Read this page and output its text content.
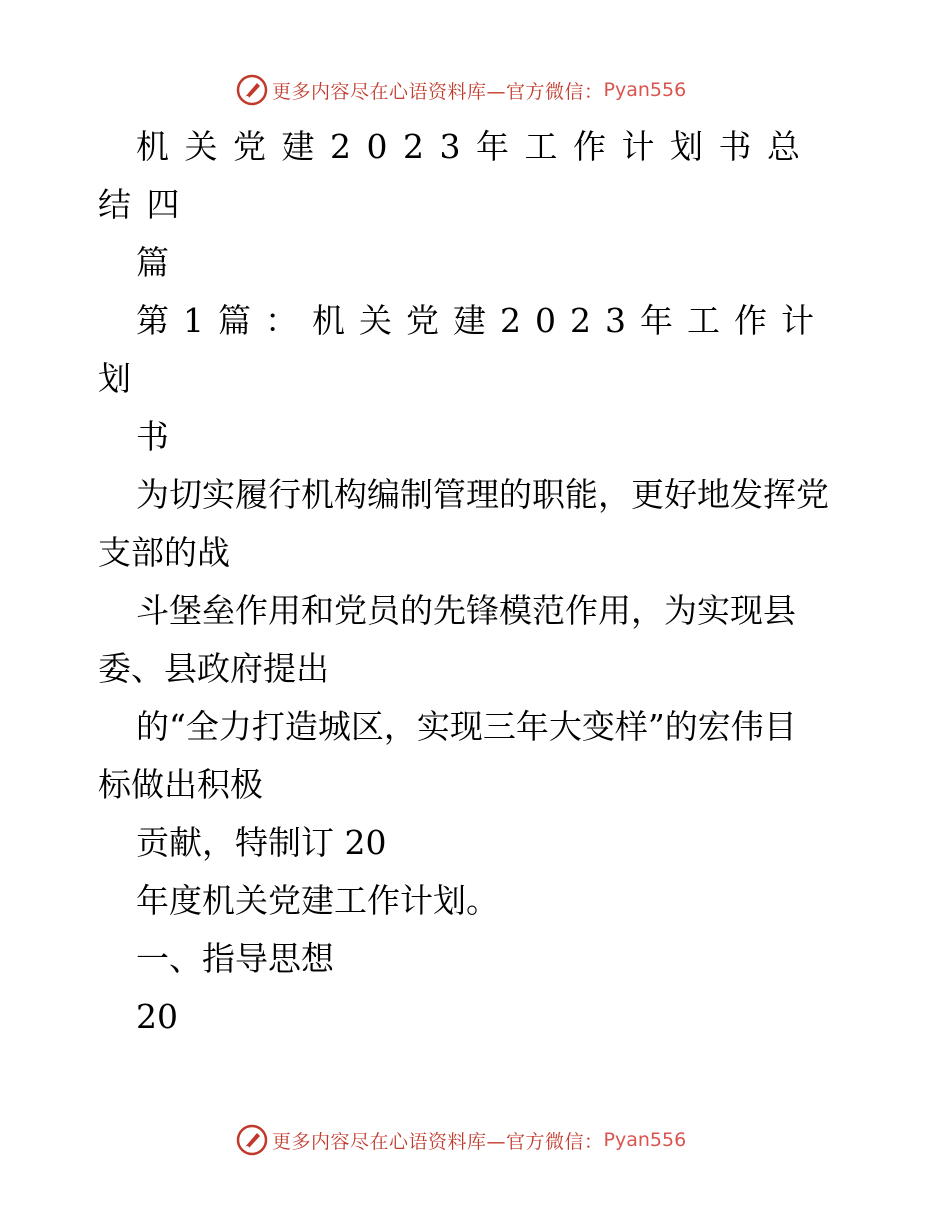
更多内容尽在心语资料库—官方微信： Pyan556
机关党建2023年工作计划书总
结四
篇
第1篇：机关党建2023年工作计
划
书
为切实履行机构编制管理的职能，更好地发挥党
支部的战
斗堡垒作用和党员的先锋模范作用，为实现县
委、县政府提出
的“全力打造城区，实现三年大变样”的宏伟目
标做出积极
贡献，特制订 20
年度机关党建工作计划。
一、指导思想
20
更多内容尽在心语资料库—官方微信： Pyan556
